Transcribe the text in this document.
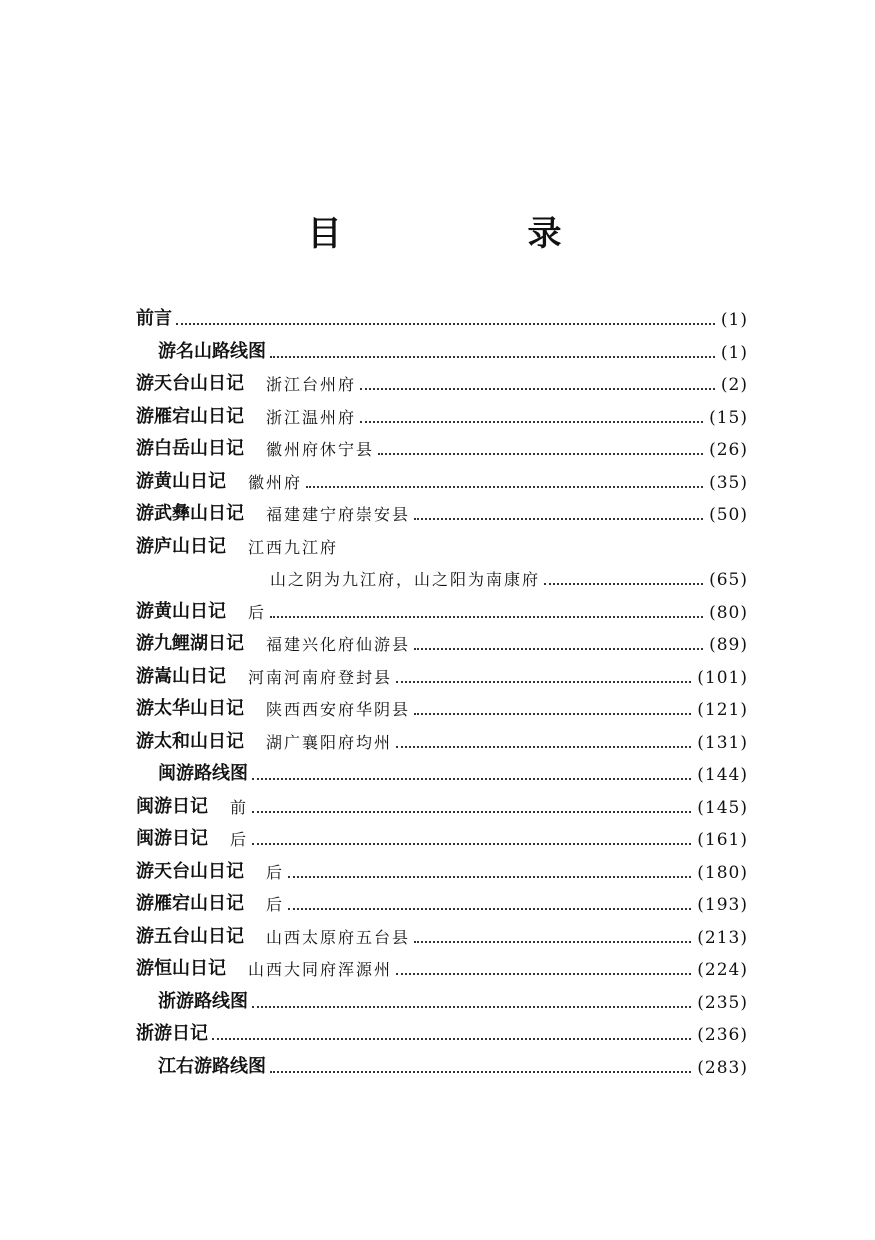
目　录
前言	(1)
游名山路线图	(1)
游天台山日记 浙江台州府	(2)
游雁宕山日记 浙江温州府	(15)
游白岳山日记 徽州府休宁县	(26)
游黄山日记 徽州府	(35)
游武彝山日记 福建建宁府崇安县	(50)
游庐山日记 江西九江府
山之阴为九江府，山之阳为南康府	(65)
游黄山日记 后	(80)
游九鲤湖日记 福建兴化府仙游县	(89)
游嵩山日记 河南河南府登封县	(101)
游太华山日记 陕西西安府华阴县	(121)
游太和山日记 湖广襄阳府均州	(131)
闽游路线图	(144)
闽游日记 前	(145)
闽游日记 后	(161)
游天台山日记 后	(180)
游雁宕山日记 后	(193)
游五台山日记 山西太原府五台县	(213)
游恒山日记 山西大同府浑源州	(224)
浙游路线图	(235)
浙游日记	(236)
江右游路线图	(283)
